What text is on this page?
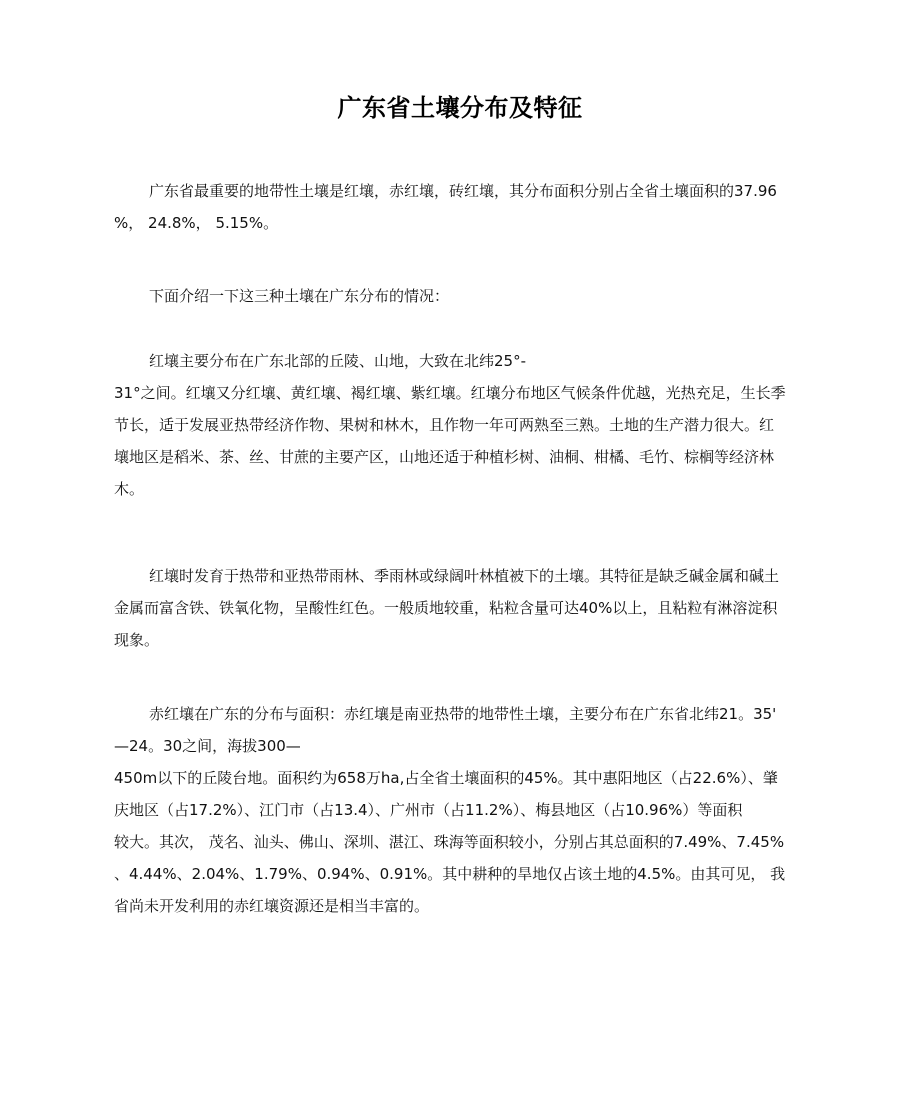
广东省土壤分布及特征
广东省最重要的地带性土壤是红壤，赤红壤，砖红壤，其分布面积分别占全省土壤面积的37.96
%， 24.8%， 5.15%。
下面介绍一下这三种土壤在广东分布的情况：
红壤主要分布在广东北部的丘陵、山地，大致在北纬25°-
31°之间。红壤又分红壤、黄红壤、褐红壤、紫红壤。红壤分布地区气候条件优越，光热充足，生长季
节长，适于发展亚热带经济作物、果树和林木，且作物一年可两熟至三熟。土地的生产潜力很大。红
壤地区是稻米、茶、丝、甘蔗的主要产区，山地还适于种植杉树、油桐、柑橘、毛竹、棕榈等经济林
木。
红壤时发育于热带和亚热带雨林、季雨林或绿阔叶林植被下的土壤。其特征是缺乏碱金属和碱土
金属而富含铁、铁氧化物，呈酸性红色。一般质地较重，粘粒含量可达40%以上，且粘粒有淋溶淀积
现象。
赤红壤在广东的分布与面积：赤红壤是南亚热带的地带性土壤，主要分布在广东省北纬21。35'
—24。30之间，海拔300—
450m以下的丘陵台地。面积约为658万ha,占全省土壤面积的45%。其中惠阳地区（占22.6%）、肇
庆地区（占17.2%）、江门市（占13.4）、广州市（占11.2%）、梅县地区（占10.96%）等面积
较大。其次， 茂名、汕头、佛山、深圳、湛江、珠海等面积较小，分别占其总面积的7.49%、7.45%
、4.44%、2.04%、1.79%、0.94%、0.91%。其中耕种的旱地仅占该土地的4.5%。由其可见， 我
省尚未开发利用的赤红壤资源还是相当丰富的。
